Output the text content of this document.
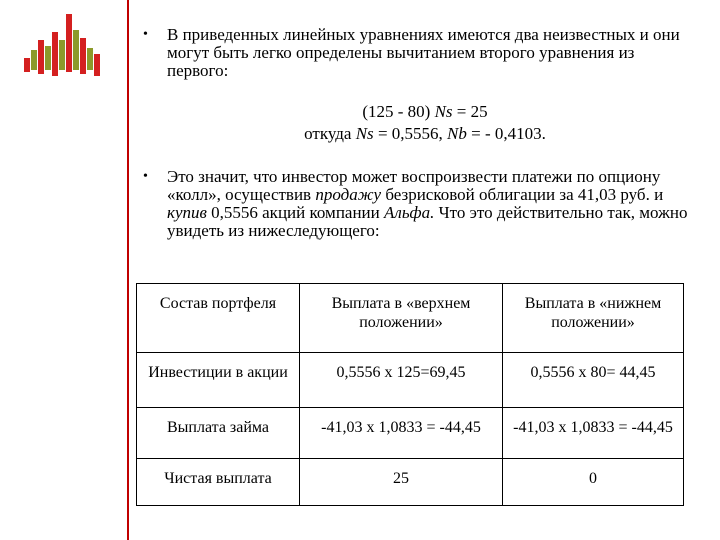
• В приведенных линейных уравнениях имеются два неизвестных и они могут быть легко определены вычитанием второго уравнения из первого:
(125 - 80) Ns = 25
откуда Ns = 0,5556, Nb = - 0,4103.
• Это значит, что инвестор может воспроизвести платежи по опциону «колл», осуществив продажу безрисковой облигации за 41,03 руб. и купив 0,5556 акций компании Альфа. Что это действительно так, можно увидеть из нижеследующего:
Состав портфеля	Выплата в «верхнем положении»	Выплата в «нижнем положении»
Инвестиции в акции	0,5556 x 125=69,45	0,5556 x 80= 44,45
Выплата займа	-41,03 x 1,0833 = -44,45	-41,03 x 1,0833 = -44,45
Чистая выплата	25	0
